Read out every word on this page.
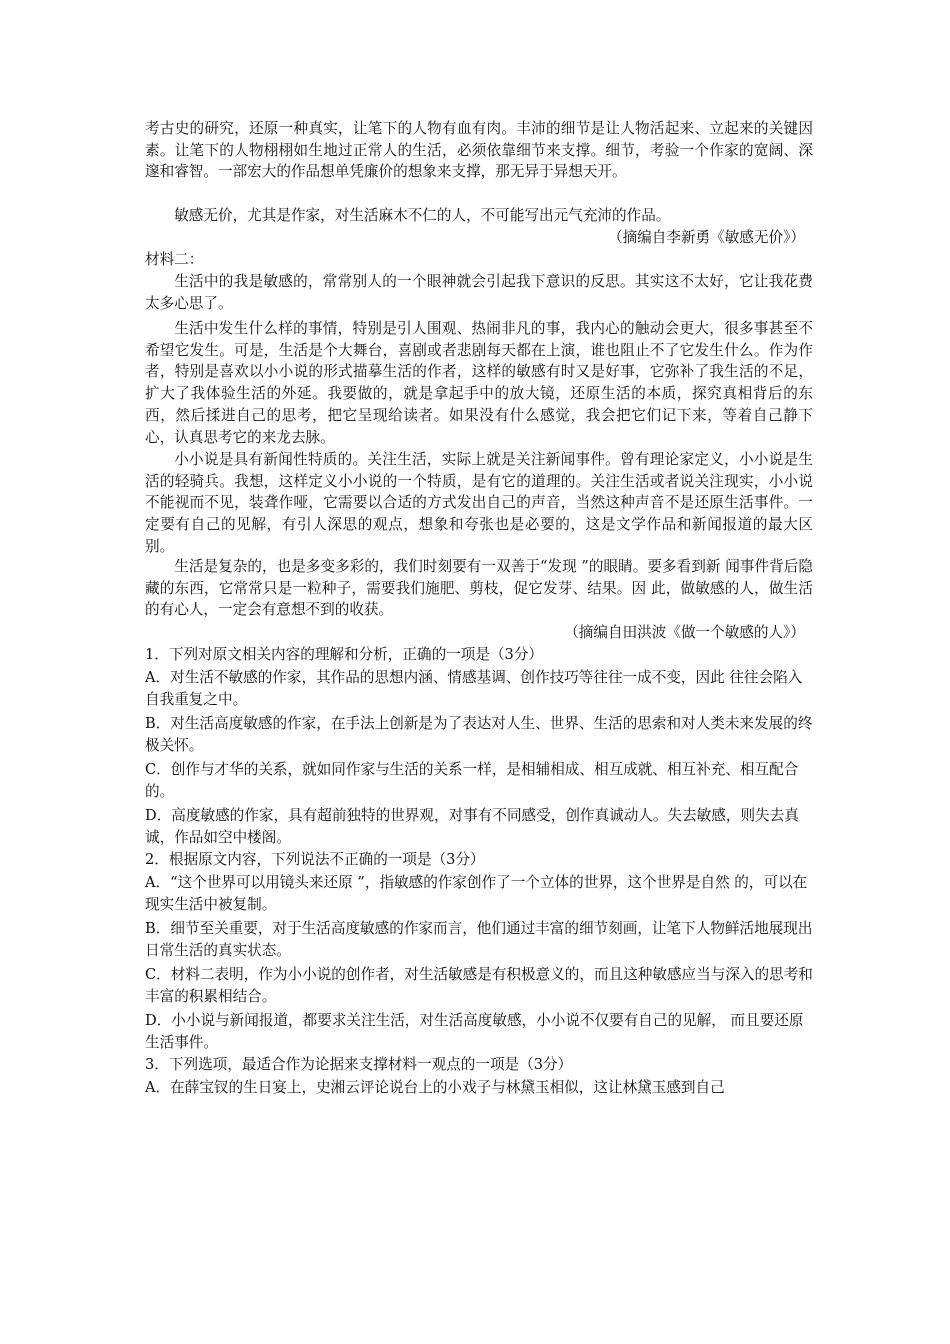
考古史的研究，还原一种真实，让笔下的人物有血有肉。丰沛的细节是让人物活起来、立起来的关键因素。让笔下的人物栩栩如生地过正常人的生活，必须依靠细节来支撑。细节，考验一个作家的宽阔、深邃和睿智。一部宏大的作品想单凭廉价的想象来支撑，那无异于异想天开。

敏感无价，尤其是作家，对生活麻木不仁的人，不可能写出元气充沛的作品。

（摘编自李新勇《敏感无价》）

材料二：

生活中的我是敏感的，常常别人的一个眼神就会引起我下意识的反思。其实这不太好，它让我花费太多心思了。

生活中发生什么样的事情，特别是引人围观、热闹非凡的事，我内心的触动会更大，很多事甚至不希望它发生。可是，生活是个大舞台，喜剧或者悲剧每天都在上演，谁也阻止不了它发生什么。作为作者，特别是喜欢以小小说的形式描摹生活的作者，这样的敏感有时又是好事，它弥补了我生活的不足，扩大了我体验生活的外延。我要做的，就是拿起手中的放大镜，还原生活的本质，探究真相背后的东西，然后揉进自己的思考，把它呈现给读者。如果没有什么感觉，我会把它们记下来，等着自己静下心，认真思考它的来龙去脉。

小小说是具有新闻性特质的。关注生活，实际上就是关注新闻事件。曾有理论家定义，小小说是生活的轻骑兵。我想，这样定义小小说的一个特质，是有它的道理的。关注生活或者说关注现实，小小说不能视而不见，装聋作哑，它需要以合适的方式发出自己的声音，当然这种声音不是还原生活事件。一定要有自己的见解，有引人深思的观点，想象和夸张也是必要的，这是文学作品和新闻报道的最大区别。

生活是复杂的，也是多变多彩的，我们时刻要有一双善于“发现 ”的眼睛。要多看到新 闻事件背后隐藏的东西，它常常只是一粒种子，需要我们施肥、剪枝，促它发芽、结果。因 此，做敏感的人，做生活的有心人，一定会有意想不到的收获。

（摘编自田洪波《做一个敏感的人》）

1．下列对原文相关内容的理解和分析，正确的一项是（3分）

A．对生活不敏感的作家，其作品的思想内涵、情感基调、创作技巧等往往一成不变，因此 往往会陷入自我重复之中。

B．对生活高度敏感的作家，在手法上创新是为了表达对人生、世界、生活的思索和对人类未来发展的终极关怀。

C．创作与才华的关系，就如同作家与生活的关系一样，是相辅相成、相互成就、相互补充、相互配合的。

D．高度敏感的作家，具有超前独特的世界观，对事有不同感受，创作真诚动人。失去敏感，则失去真诚，作品如空中楼阁。

2．根据原文内容，下列说法不正确的一项是（3分）

A．“这个世界可以用镜头来还原 ”，指敏感的作家创作了一个立体的世界，这个世界是自然 的，可以在现实生活中被复制。

B．细节至关重要，对于生活高度敏感的作家而言，他们通过丰富的细节刻画，让笔下人物鲜活地展现出日常生活的真实状态。

C．材料二表明，作为小小说的创作者，对生活敏感是有积极意义的，而且这种敏感应当与深入的思考和丰富的积累相结合。

D．小小说与新闻报道，都要求关注生活，对生活高度敏感，小小说不仅要有自己的见解， 而且要还原生活事件。

3．下列选项，最适合作为论据来支撑材料一观点的一项是（3分）

A．在薛宝钗的生日宴上，史湘云评论说台上的小戏子与林黛玉相似，这让林黛玉感到自己
